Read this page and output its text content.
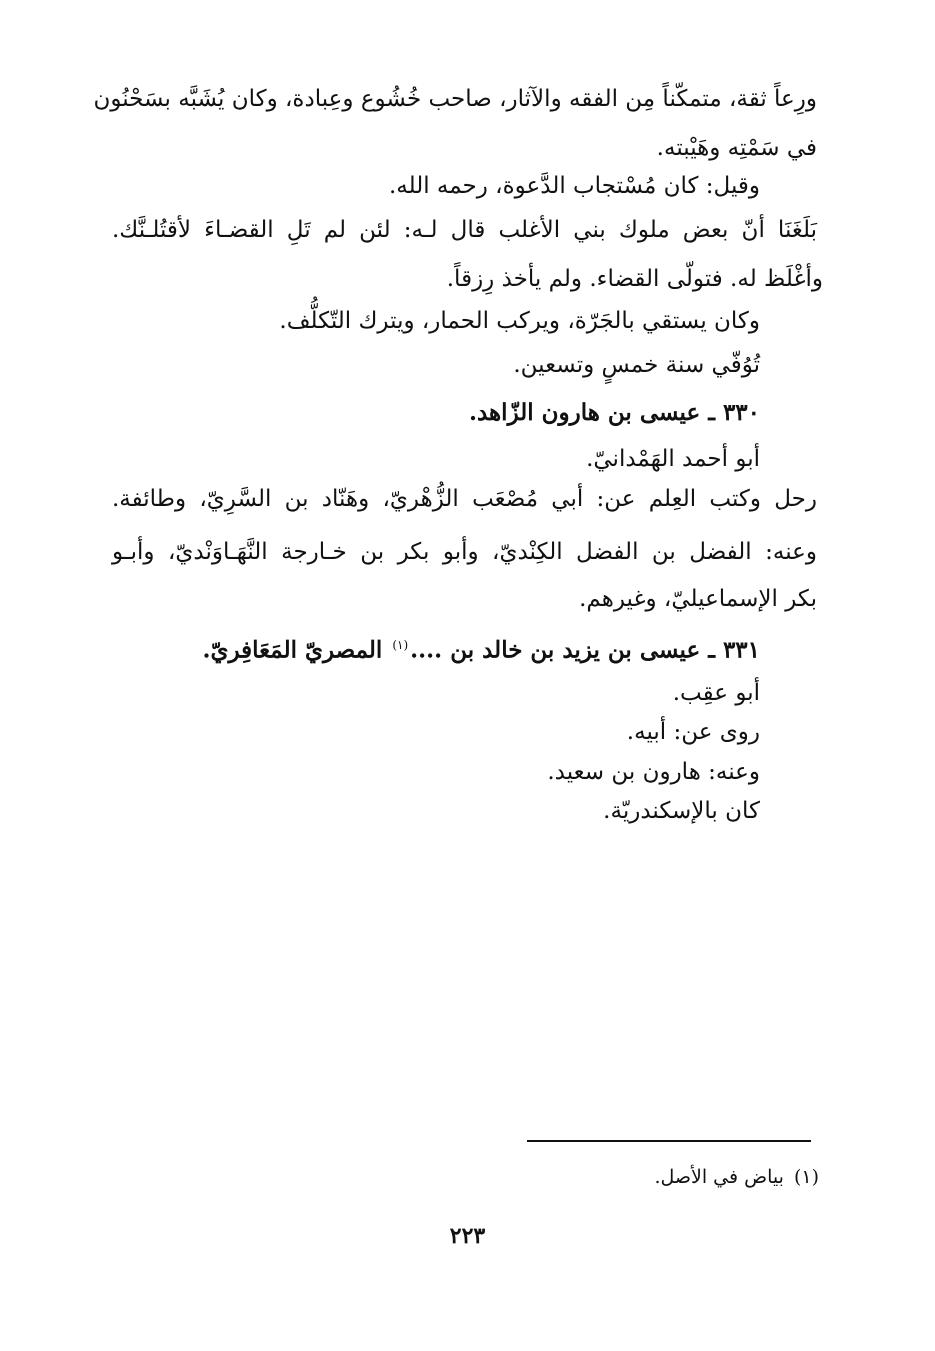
ورِعاً ثقة، متمكّناً مِن الفقه والآثار، صاحب خُشُوع وعِبادة، وكان يُشَبَّه بسَحْنُون
في سَمْتِه وهَيْبته.
وقيل: كان مُسْتجاب الدَّعوة، رحمه الله.
بَلَغَنَا أنّ بعض ملوك بني الأغلب قال لـه: لئن لم تَلِ القضـاءَ لأقتُلـنَّك.
وأغْلَظ له. فتولّى القضاء. ولم يأخذ رِزقاً.
وكان يستقي بالجَرّة، ويركب الحمار، ويترك التّكلُّف.
تُوُفّي سنة خمسٍ وتسعين.
٣٣٠ ـ عيسى بن هارون الزّاهد.
أبو أحمد الهَمْدانيّ.
رحل وكتب العِلم عن: أبي مُصْعَب الزُّهْريّ، وهَنّاد بن السَّرِيّ، وطائفة.
وعنه: الفضل بن الفضل الكِنْديّ، وأبو بكر بن خـارجة النَّهَـاوَنْديّ، وأبـو
بكر الإسماعيليّ، وغيرهم.
٣٣١ ـ عيسى بن يزيد بن خالد بن ....$^{(١)}$ المصريّ المَعَافِريّ.
أبو عقِب.
روى عن: أبيه.
وعنه: هارون بن سعيد.
كان بالإسكندريّة.
(١)بياض في الأصل.
٢٢٣
